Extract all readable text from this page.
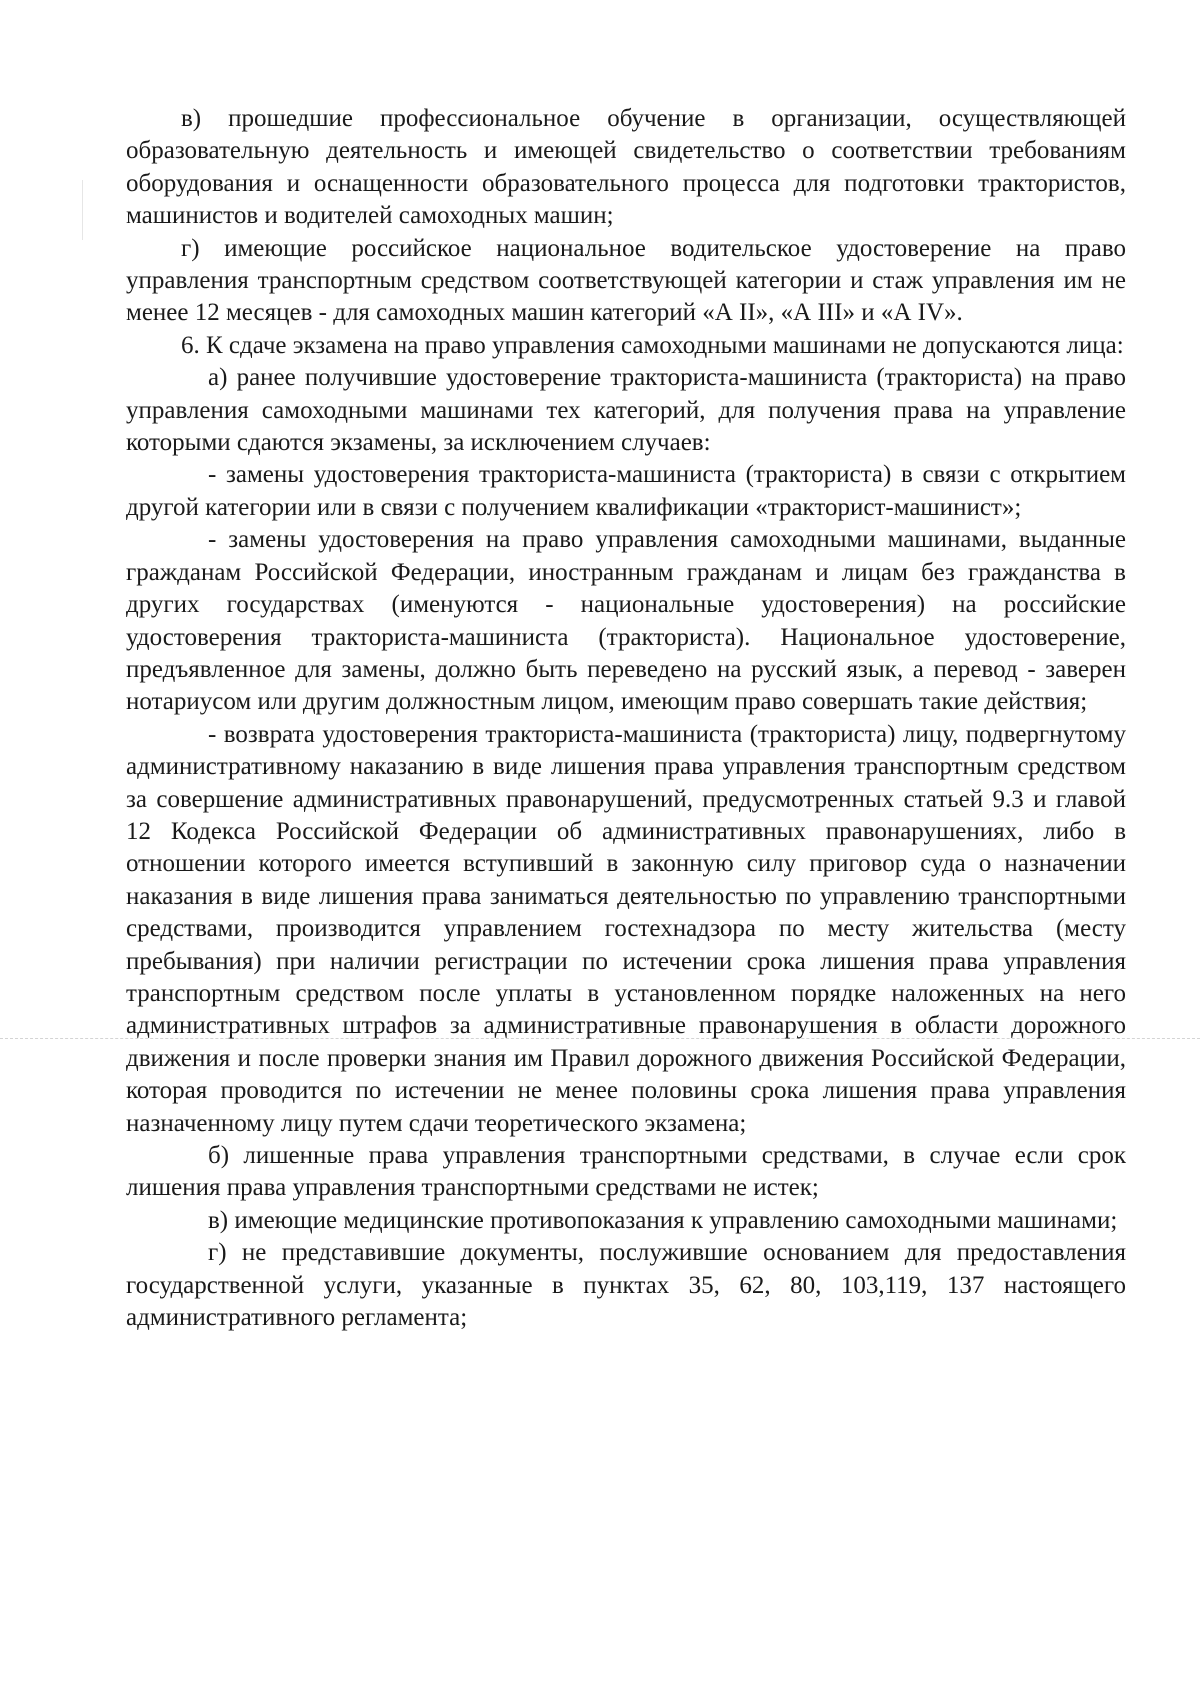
в) прошедшие профессиональное обучение в организации, осуществляющей образовательную деятельность и имеющей свидетельство о соответствии требованиям оборудования и оснащенности образовательного процесса для подготовки трактористов, машинистов и водителей самоходных машин;

г) имеющие российское национальное водительское удостоверение на право управления транспортным средством соответствующей категории и стаж управления им не менее 12 месяцев - для самоходных машин категорий «А II», «А III» и «А IV».

6. К сдаче экзамена на право управления самоходными машинами не допускаются лица:

а) ранее получившие удостоверение тракториста-машиниста (тракториста) на право управления самоходными машинами тех категорий, для получения права на управление которыми сдаются экзамены, за исключением случаев:

- замены удостоверения тракториста-машиниста (тракториста) в связи с открытием другой категории или в связи с получением квалификации «тракторист-машинист»;

- замены удостоверения на право управления самоходными машинами, выданные гражданам Российской Федерации, иностранным гражданам и лицам без гражданства в других государствах (именуются - национальные удостоверения) на российские удостоверения тракториста-машиниста (тракториста). Национальное удостоверение, предъявленное для замены, должно быть переведено на русский язык, а перевод - заверен нотариусом или другим должностным лицом, имеющим право совершать такие действия;

- возврата удостоверения тракториста-машиниста (тракториста) лицу, подвергнутому административному наказанию в виде лишения права управления транспортным средством за совершение административных правонарушений, предусмотренных статьей 9.3 и главой 12 Кодекса Российской Федерации об административных правонарушениях, либо в отношении которого имеется вступивший в законную силу приговор суда о назначении наказания в виде лишения права заниматься деятельностью по управлению транспортными средствами, производится управлением гостехнадзора по месту жительства (месту пребывания) при наличии регистрации по истечении срока лишения права управления транспортным средством после уплаты в установленном порядке наложенных на него административных штрафов за административные правонарушения в области дорожного движения и после проверки знания им Правил дорожного движения Российской Федерации, которая проводится по истечении не менее половины срока лишения права управления назначенному лицу путем сдачи теоретического экзамена;

б) лишенные права управления транспортными средствами, в случае если срок лишения права управления транспортными средствами не истек;

в) имеющие медицинские противопоказания к управлению самоходными машинами;

г) не представившие документы, послужившие основанием для предоставления государственной услуги, указанные в пунктах 35, 62, 80, 103,119, 137 настоящего административного регламента;
